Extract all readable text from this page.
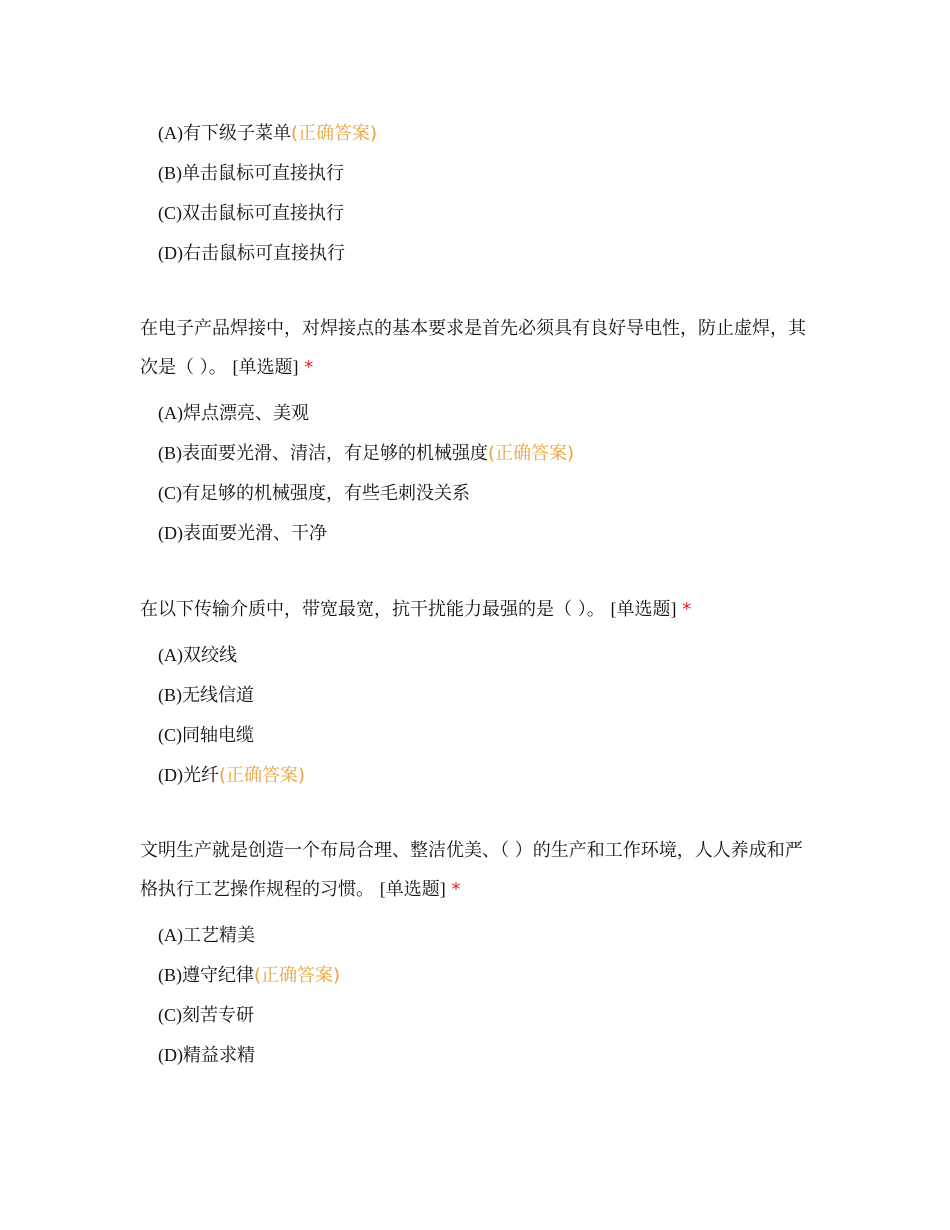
(A)有下级子菜单(正确答案)
(B)单击鼠标可直接执行
(C)双击鼠标可直接执行
(D)右击鼠标可直接执行
在电子产品焊接中，对焊接点的基本要求是首先必须具有良好导电性，防止虚焊，其次是（ ）。 [单选题] *
(A)焊点漂亮、美观
(B)表面要光滑、清洁，有足够的机械强度(正确答案)
(C)有足够的机械强度，有些毛刺没关系
(D)表面要光滑、干净
在以下传输介质中，带宽最宽，抗干扰能力最强的是（ ）。 [单选题] *
(A)双绞线
(B)无线信道
(C)同轴电缆
(D)光纤(正确答案)
文明生产就是创造一个布局合理、整洁优美、（ ）的生产和工作环境，人人养成和严格执行工艺操作规程的习惯。 [单选题] *
(A)工艺精美
(B)遵守纪律(正确答案)
(C)刻苦专研
(D)精益求精
